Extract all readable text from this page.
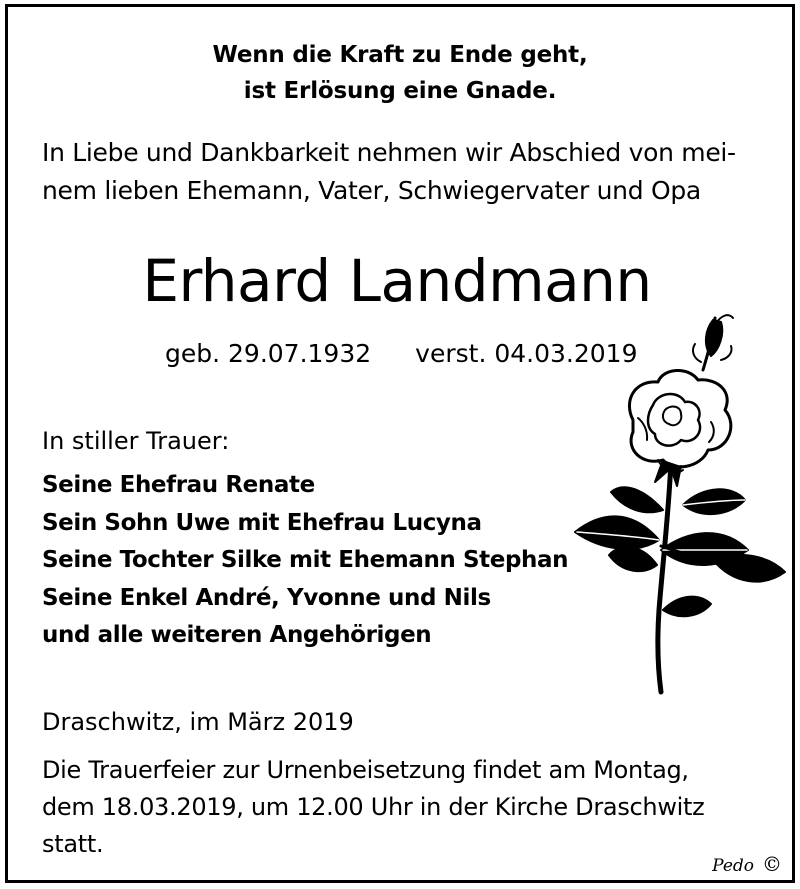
Wenn die Kraft zu Ende geht,
ist Erlösung eine Gnade.
In Liebe und Dankbarkeit nehmen wir Abschied von mei-
nem lieben Ehemann, Vater, Schwiegervater und Opa
Erhard Landmann
geb. 29.07.1932 verst. 04.03.2019
In stiller Trauer:
Seine Ehefrau Renate
Sein Sohn Uwe mit Ehefrau Lucyna
Seine Tochter Silke mit Ehemann Stephan
Seine Enkel André, Yvonne und Nils
und alle weiteren Angehörigen
Draschwitz, im März 2019
Die Trauerfeier zur Urnenbeisetzung findet am Montag,
dem 18.03.2019, um 12.00 Uhr in der Kirche Draschwitz
statt.
Pedo ©
